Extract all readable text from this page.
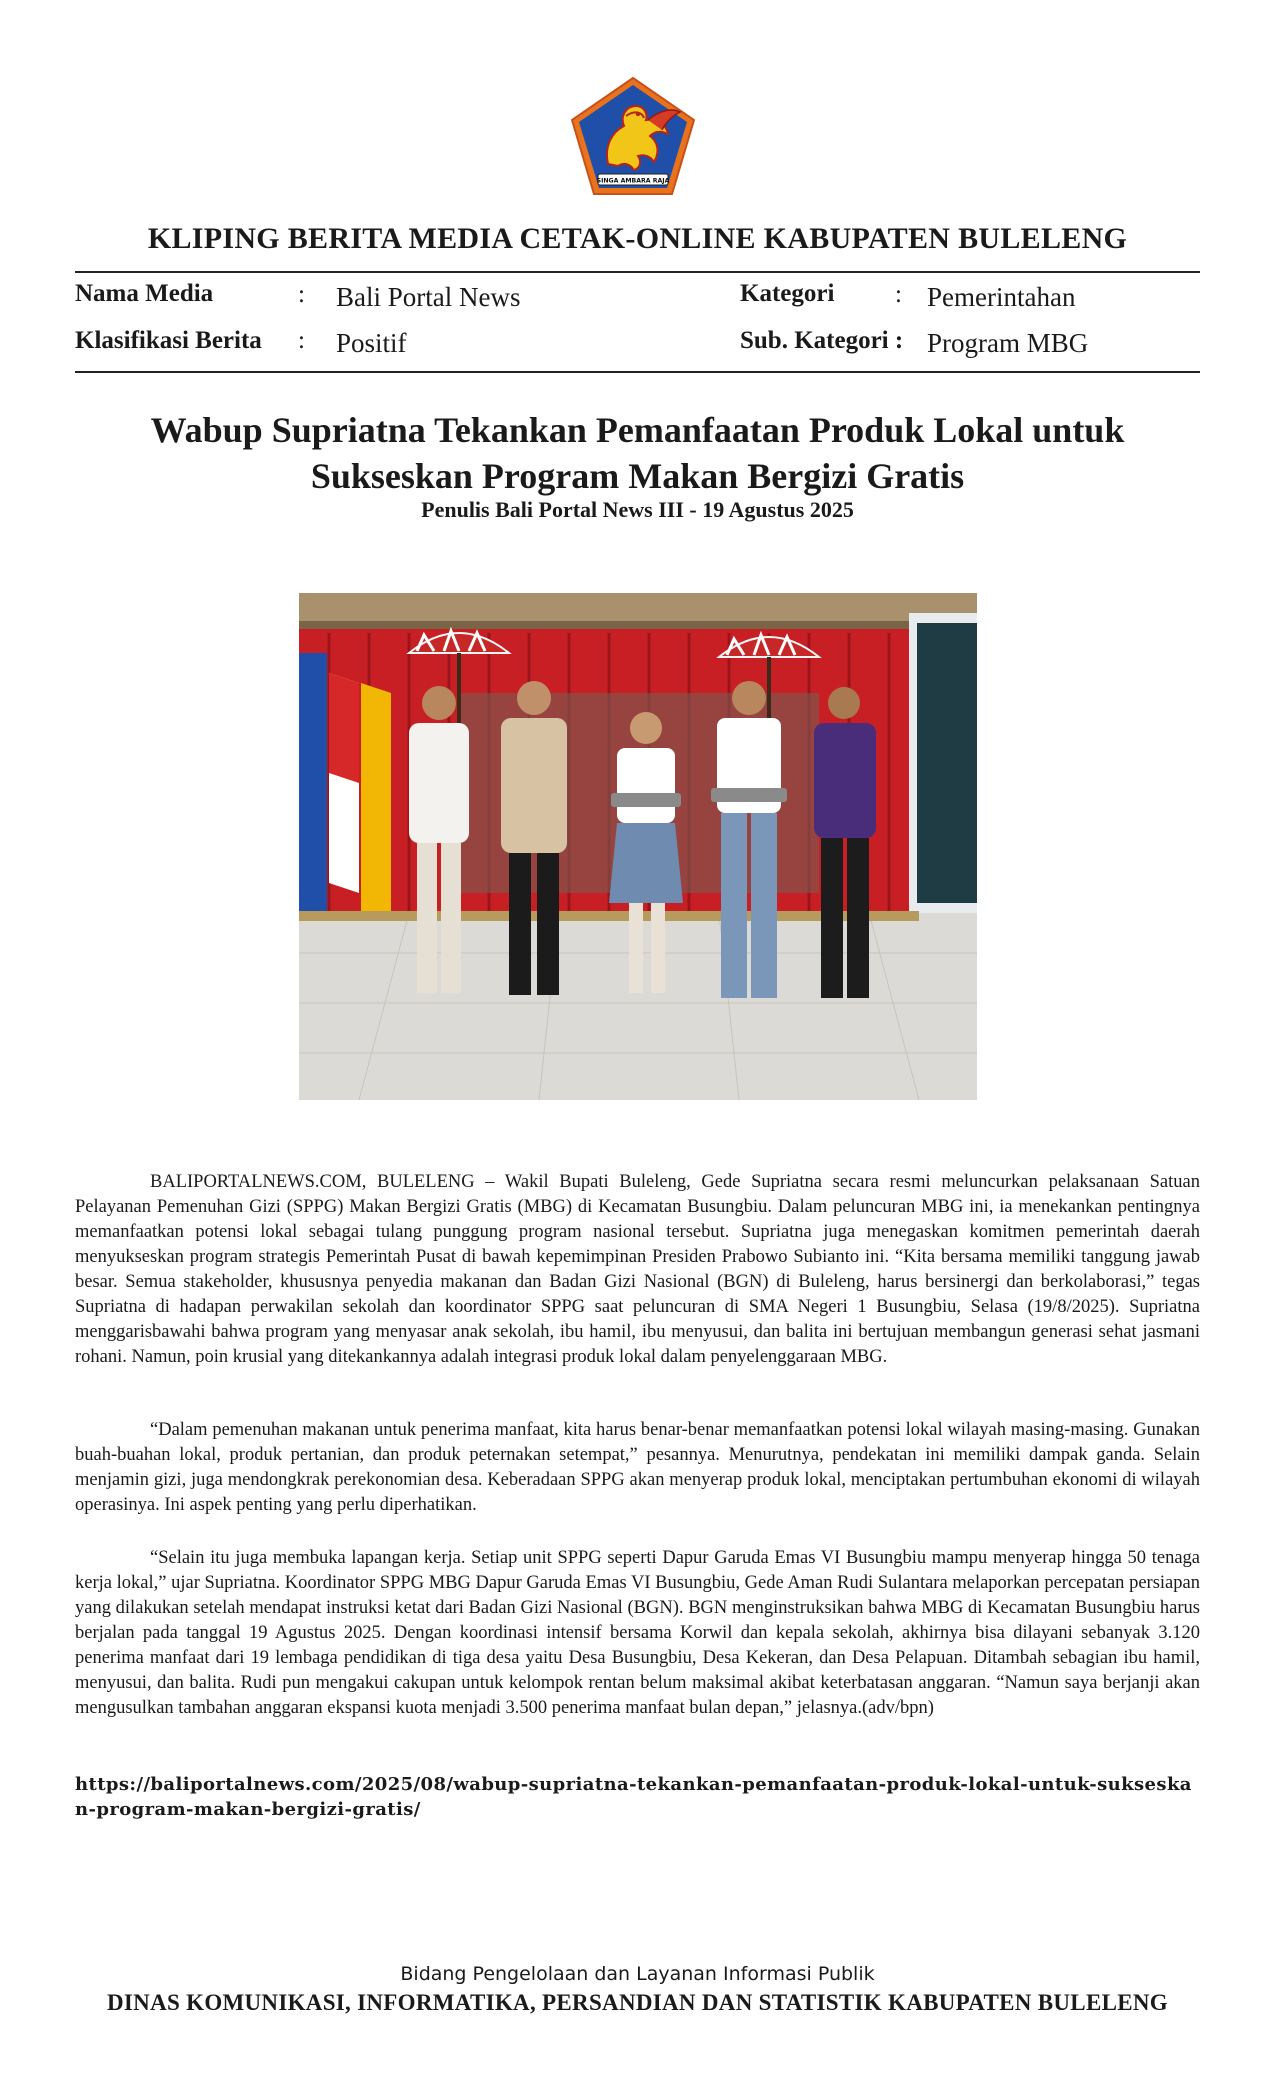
SINGA AMBARA RAJA
KLIPING BERITA MEDIA CETAK-ONLINE KABUPATEN BULELENG
Nama Media	: Bali Portal News
Klasifikasi Berita : Positif
Kategori : Pemerintahan
Sub. Kategori : Program MBG
Wabup Supriatna Tekankan Pemanfaatan Produk Lokal untuk Sukseskan Program Makan Bergizi Gratis
Penulis Bali Portal News III - 19 Agustus 2025

BALIPORTALNEWS.COM, BULELENG – Wakil Bupati Buleleng, Gede Supriatna secara resmi meluncurkan pelaksanaan Satuan Pelayanan Pemenuhan Gizi (SPPG) Makan Bergizi Gratis (MBG) di Kecamatan Busungbiu. Dalam peluncuran MBG ini, ia menekankan pentingnya memanfaatkan potensi lokal sebagai tulang punggung program nasional tersebut. Supriatna juga menegaskan komitmen pemerintah daerah menyukseskan program strategis Pemerintah Pusat di bawah kepemimpinan Presiden Prabowo Subianto ini. “Kita bersama memiliki tanggung jawab besar. Semua stakeholder, khususnya penyedia makanan dan Badan Gizi Nasional (BGN) di Buleleng, harus bersinergi dan berkolaborasi,” tegas Supriatna di hadapan perwakilan sekolah dan koordinator SPPG saat peluncuran di SMA Negeri 1 Busungbiu, Selasa (19/8/2025). Supriatna menggarisbawahi bahwa program yang menyasar anak sekolah, ibu hamil, ibu menyusui, dan balita ini bertujuan membangun generasi sehat jasmani rohani. Namun, poin krusial yang ditekankannya adalah integrasi produk lokal dalam penyelenggaraan MBG.

“Dalam pemenuhan makanan untuk penerima manfaat, kita harus benar-benar memanfaatkan potensi lokal wilayah masing-masing. Gunakan buah-buahan lokal, produk pertanian, dan produk peternakan setempat,” pesannya. Menurutnya, pendekatan ini memiliki dampak ganda. Selain menjamin gizi, juga mendongkrak perekonomian desa. Keberadaan SPPG akan menyerap produk lokal, menciptakan pertumbuhan ekonomi di wilayah operasinya. Ini aspek penting yang perlu diperhatikan.

“Selain itu juga membuka lapangan kerja. Setiap unit SPPG seperti Dapur Garuda Emas VI Busungbiu mampu menyerap hingga 50 tenaga kerja lokal,” ujar Supriatna. Koordinator SPPG MBG Dapur Garuda Emas VI Busungbiu, Gede Aman Rudi Sulantara melaporkan percepatan persiapan yang dilakukan setelah mendapat instruksi ketat dari Badan Gizi Nasional (BGN). BGN menginstruksikan bahwa MBG di Kecamatan Busungbiu harus berjalan pada tanggal 19 Agustus 2025. Dengan koordinasi intensif bersama Korwil dan kepala sekolah, akhirnya bisa dilayani sebanyak 3.120 penerima manfaat dari 19 lembaga pendidikan di tiga desa yaitu Desa Busungbiu, Desa Kekeran, dan Desa Pelapuan. Ditambah sebagian ibu hamil, menyusui, dan balita. Rudi pun mengakui cakupan untuk kelompok rentan belum maksimal akibat keterbatasan anggaran. “Namun saya berjanji akan mengusulkan tambahan anggaran ekspansi kuota menjadi 3.500 penerima manfaat bulan depan,” jelasnya.(adv/bpn)

https://baliportalnews.com/2025/08/wabup-supriatna-tekankan-pemanfaatan-produk-lokal-untuk-sukseskan-program-makan-bergizi-gratis/
Bidang Pengelolaan dan Layanan Informasi Publik
DINAS KOMUNIKASI, INFORMATIKA, PERSANDIAN DAN STATISTIK KABUPATEN BULELENG
